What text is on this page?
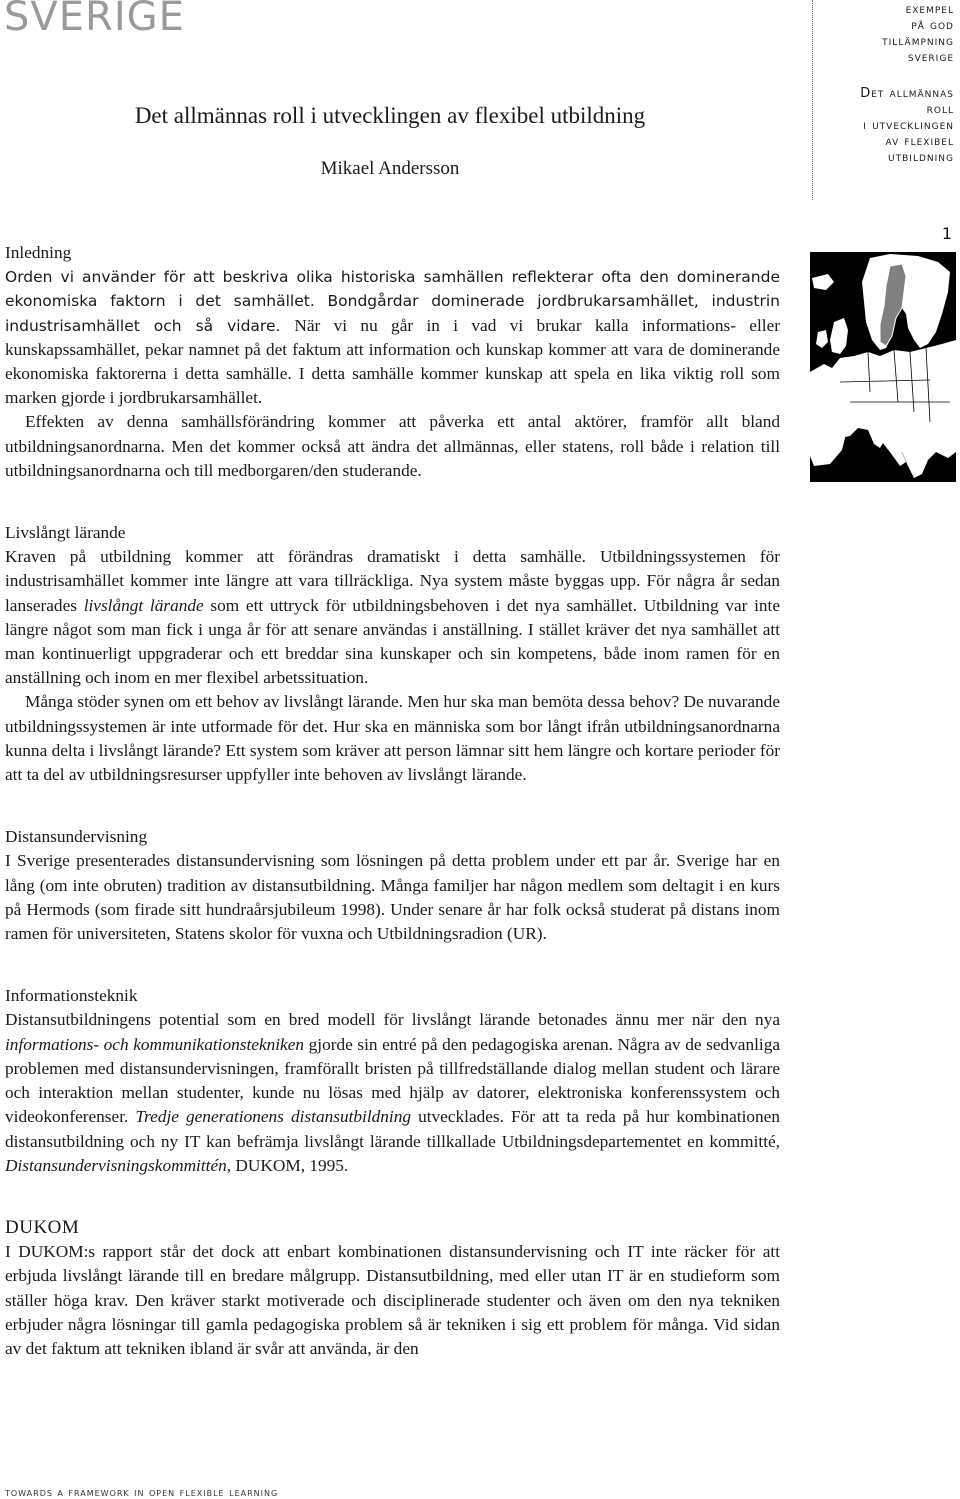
SVERIGE
Det allmännas roll i utvecklingen av flexibel utbildning

Mikael Andersson

exempel
på god
tillämpning
sverige
Det allmännas
roll
i utvecklingen
av flexibel
utbildning
1
Inledning

Orden vi använder för att beskriva olika historiska samhällen reflekterar ofta den dominerande ekonomiska faktorn i det samhället. Bondgårdar dominerade jordbrukarsamhället, industrin industrisamhället och så vidare. När vi nu går in i vad vi brukar kalla informations- eller kunskapssamhället, pekar namnet på det faktum att information och kunskap kommer att vara de dominerande ekonomiska faktorerna i detta samhälle. I detta samhälle kommer kunskap att spela en lika viktig roll som marken gjorde i jordbrukarsamhället.

Effekten av denna samhällsförändring kommer att påverka ett antal aktörer, framför allt bland utbildningsanordnarna. Men det kommer också att ändra det allmännas, eller statens, roll både i relation till utbildningsanordnarna och till medborgaren/den studerande.

Livslångt lärande

Kraven på utbildning kommer att förändras dramatiskt i detta samhälle. Utbildningssystemen för industrisamhället kommer inte längre att vara tillräckliga. Nya system måste byggas upp. För några år sedan lanserades livslångt lärande som ett uttryck för utbildningsbehoven i det nya samhället. Utbildning var inte längre något som man fick i unga år för att senare användas i anställning. I stället kräver det nya samhället att man kontinuerligt uppgraderar och ett breddar sina kunskaper och sin kompetens, både inom ramen för en anställning och inom en mer flexibel arbetssituation.

Många stöder synen om ett behov av livslångt lärande. Men hur ska man bemöta dessa behov? De nuvarande utbildningssystemen är inte utformade för det. Hur ska en människa som bor långt ifrån utbildningsanordnarna kunna delta i livslångt lärande? Ett system som kräver att person lämnar sitt hem längre och kortare perioder för att ta del av utbildningsresurser uppfyller inte behoven av livslångt lärande.

Distansundervisning

I Sverige presenterades distansundervisning som lösningen på detta problem under ett par år. Sverige har en lång (om inte obruten) tradition av distansutbildning. Många familjer har någon medlem som deltagit i en kurs på Hermods (som firade sitt hundraårsjubileum 1998). Under senare år har folk också studerat på distans inom ramen för universiteten, Statens skolor för vuxna och Utbildningsradion (UR).

Informationsteknik

Distansutbildningens potential som en bred modell för livslångt lärande betonades ännu mer när den nya informations- och kommunikationstekniken gjorde sin entré på den pedagogiska arenan. Några av de sedvanliga problemen med distansundervisningen, framförallt bristen på tillfredställande dialog mellan student och lärare och interaktion mellan studenter, kunde nu lösas med hjälp av datorer, elektroniska konferenssystem och videokonferenser. Tredje generationens distansutbildning utvecklades. För att ta reda på hur kombinationen distansutbildning och ny IT kan befrämja livslångt lärande tillkallade Utbildningsdepartementet en kommitté, Distansundervisningskommittén, DUKOM, 1995.

DUKOM

I DUKOM:s rapport står det dock att enbart kombinationen distansundervisning och IT inte räcker för att erbjuda livslångt lärande till en bredare målgrupp. Distansutbildning, med eller utan IT är en studieform som ställer höga krav. Den kräver starkt motiverade och disciplinerade studenter och även om den nya tekniken erbjuder några lösningar till gamla pedagogiska problem så är tekniken i sig ett problem för många. Vid sidan av det faktum att tekniken ibland är svår att använda, är den

towards a framework in open flexible learning
